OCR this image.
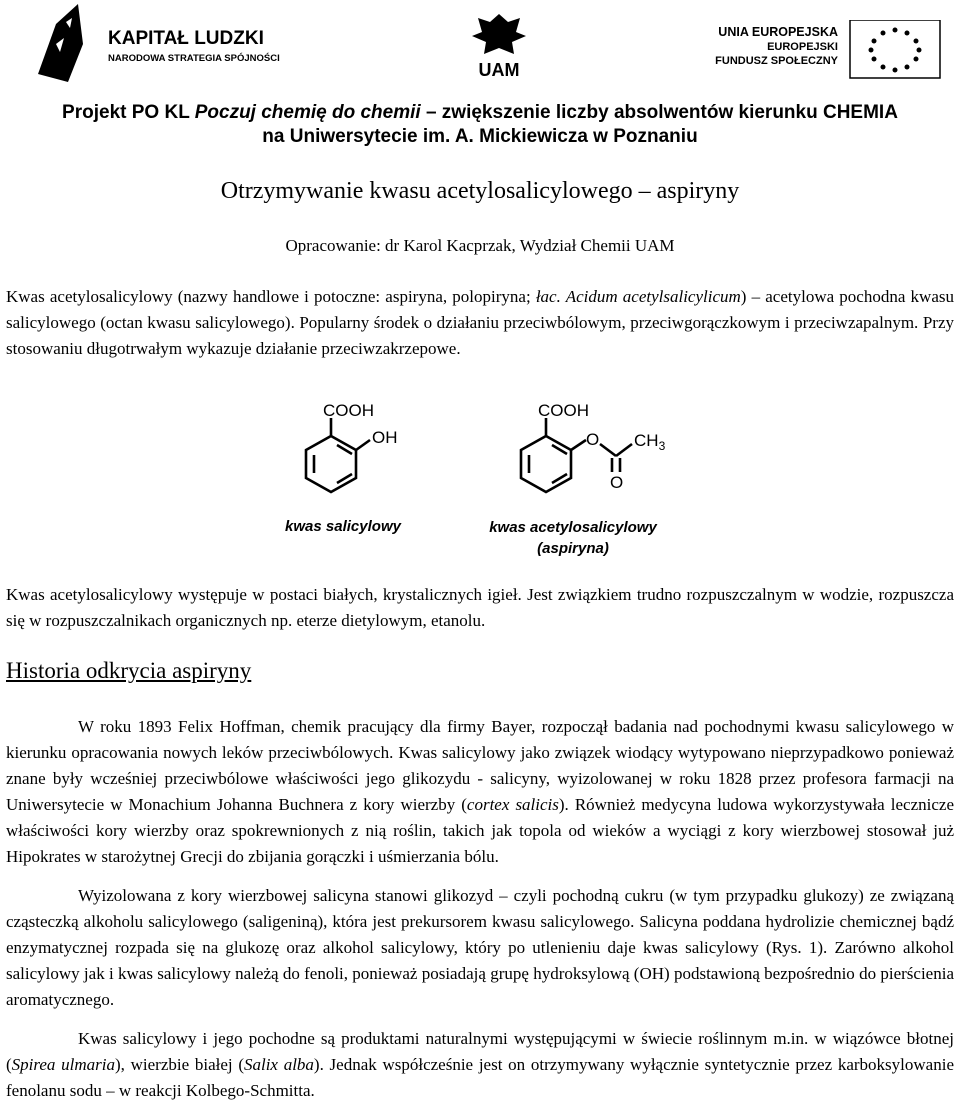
KAPITAŁ LUDZKI
NARODOWA STRATEGIA SPÓJNOŚCI
UAM
UNIA EUROPEJSKA
EUROPEJSKI
FUNDUSZ SPOŁECZNY
Projekt PO KL Poczuj chemię do chemii – zwiększenie liczby absolwentów kierunku CHEMIA
na Uniwersytecie im. A. Mickiewicza w Poznaniu
Otrzymywanie kwasu acetylosalicylowego – aspiryny
Opracowanie: dr Karol Kacprzak, Wydział Chemii UAM

Kwas acetylosalicylowy (nazwy handlowe i potoczne: aspiryna, polopiryna; łac. Acidum acetylsalicylicum) – acetylowa pochodna kwasu salicylowego (octan kwasu salicylowego). Popularny środek o działaniu przeciwbólowym, przeciwgorączkowym i przeciwzapalnym. Przy stosowaniu długotrwałym wykazuje działanie przeciwzakrzepowe.

COOH
OH
kwas salicylowy
COOH
O $CH_3$
O
kwas acetylosalicylowy
(aspiryna)

Kwas acetylosalicylowy występuje w postaci białych, krystalicznych igieł. Jest związkiem trudno rozpuszczalnym w wodzie, rozpuszcza się w rozpuszczalnikach organicznych np. eterze dietylowym, etanolu.

Historia odkrycia aspiryny

W roku 1893 Felix Hoffman, chemik pracujący dla firmy Bayer, rozpoczął badania nad pochodnymi kwasu salicylowego w kierunku opracowania nowych leków przeciwbólowych. Kwas salicylowy jako związek wiodący wytypowano nieprzypadkowo ponieważ znane były wcześniej przeciwbólowe właściwości jego glikozydu - salicyny, wyizolowanej w roku 1828 przez profesora farmacji na Uniwersytecie w Monachium Johanna Buchnera z kory wierzby (cortex salicis). Również medycyna ludowa wykorzystywała lecznicze właściwości kory wierzby oraz spokrewnionych z nią roślin, takich jak topola od wieków a wyciągi z kory wierzbowej stosował już Hipokrates w starożytnej Grecji do zbijania gorączki i uśmierzania bólu.

Wyizolowana z kory wierzbowej salicyna stanowi glikozyd – czyli pochodną cukru (w tym przypadku glukozy) ze związaną cząsteczką alkoholu salicylowego (saligeniną), która jest prekursorem kwasu salicylowego. Salicyna poddana hydrolizie chemicznej bądź enzymatycznej rozpada się na glukozę oraz alkohol salicylowy, który po utlenieniu daje kwas salicylowy (Rys. 1). Zarówno alkohol salicylowy jak i kwas salicylowy należą do fenoli, ponieważ posiadają grupę hydroksylową (OH) podstawioną bezpośrednio do pierścienia aromatycznego.

Kwas salicylowy i jego pochodne są produktami naturalnymi występującymi w świecie roślinnym m.in. w wiązówce błotnej (Spirea ulmaria), wierzbie białej (Salix alba). Jednak współcześnie jest on otrzymywany wyłącznie syntetycznie przez karboksylowanie fenolanu sodu – w reakcji Kolbego-Schmitta.
